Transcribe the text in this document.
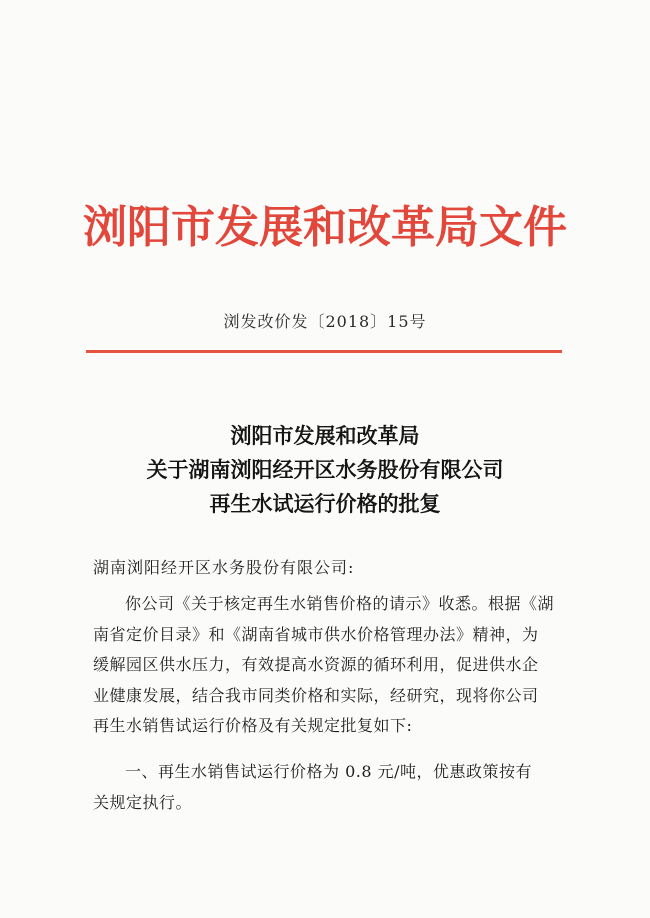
浏阳市发展和改革局文件
浏发改价发〔2018〕15号
浏阳市发展和改革局
关于湖南浏阳经开区水务股份有限公司
再生水试运行价格的批复
湖南浏阳经开区水务股份有限公司:
你公司《关于核定再生水销售价格的请示》收悉。根据《湖
南省定价目录》和《湖南省城市供水价格管理办法》精神，为
缓解园区供水压力，有效提高水资源的循环利用，促进供水企
业健康发展，结合我市同类价格和实际，经研究，现将你公司
再生水销售试运行价格及有关规定批复如下:
一、再生水销售试运行价格为 0.8 元/吨，优惠政策按有
关规定执行。
